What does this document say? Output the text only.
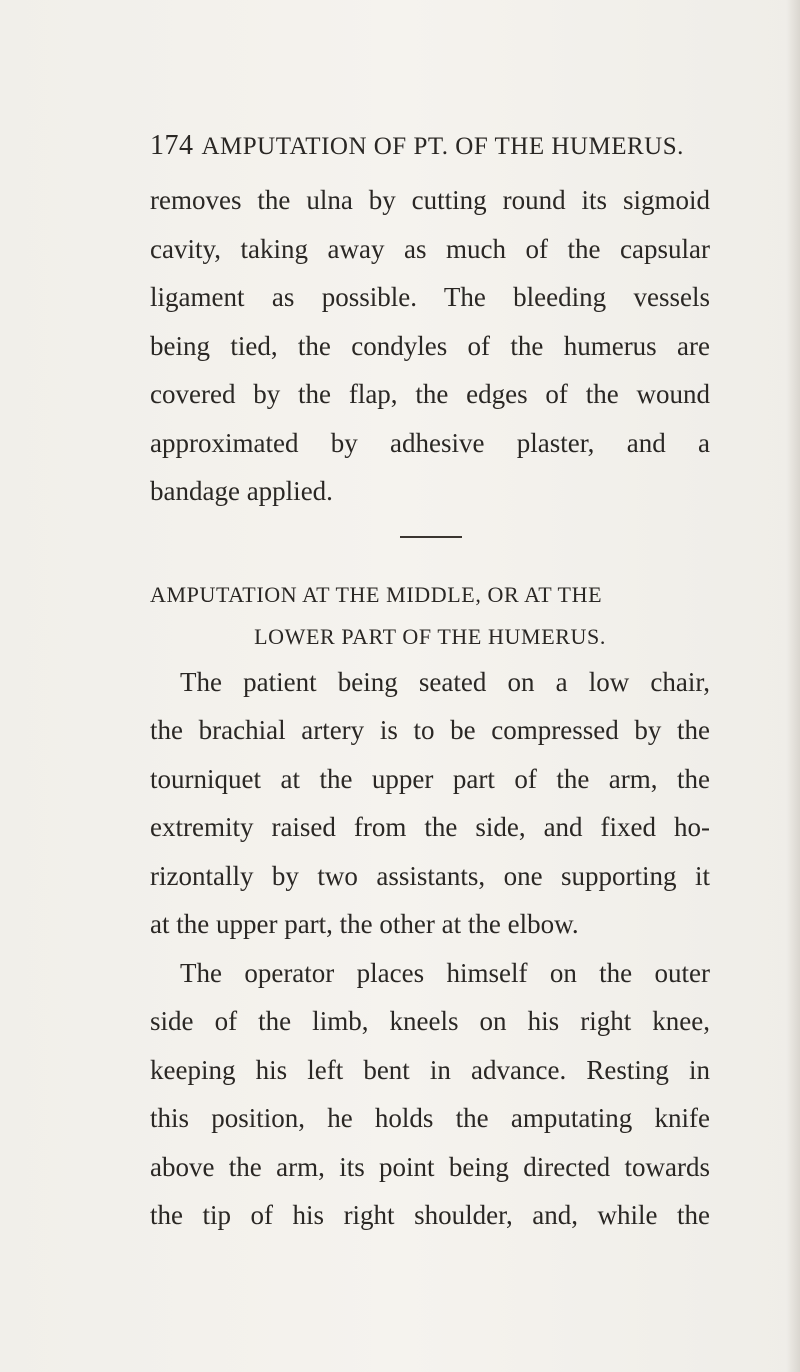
174 AMPUTATION OF PT. OF THE HUMERUS.
removes the ulna by cutting round its sigmoid
cavity, taking away as much of the capsular
ligament as possible. The bleeding vessels
being tied, the condyles of the humerus are
covered by the flap, the edges of the wound
approximated by adhesive plaster, and a
bandage applied.
AMPUTATION AT THE MIDDLE, OR AT THE
LOWER PART OF THE HUMERUS.
The patient being seated on a low chair,
the brachial artery is to be compressed by the
tourniquet at the upper part of the arm, the
extremity raised from the side, and fixed ho-
rizontally by two assistants, one supporting it
at the upper part, the other at the elbow.
The operator places himself on the outer
side of the limb, kneels on his right knee,
keeping his left bent in advance. Resting in
this position, he holds the amputating knife
above the arm, its point being directed towards
the tip of his right shoulder, and, while the
